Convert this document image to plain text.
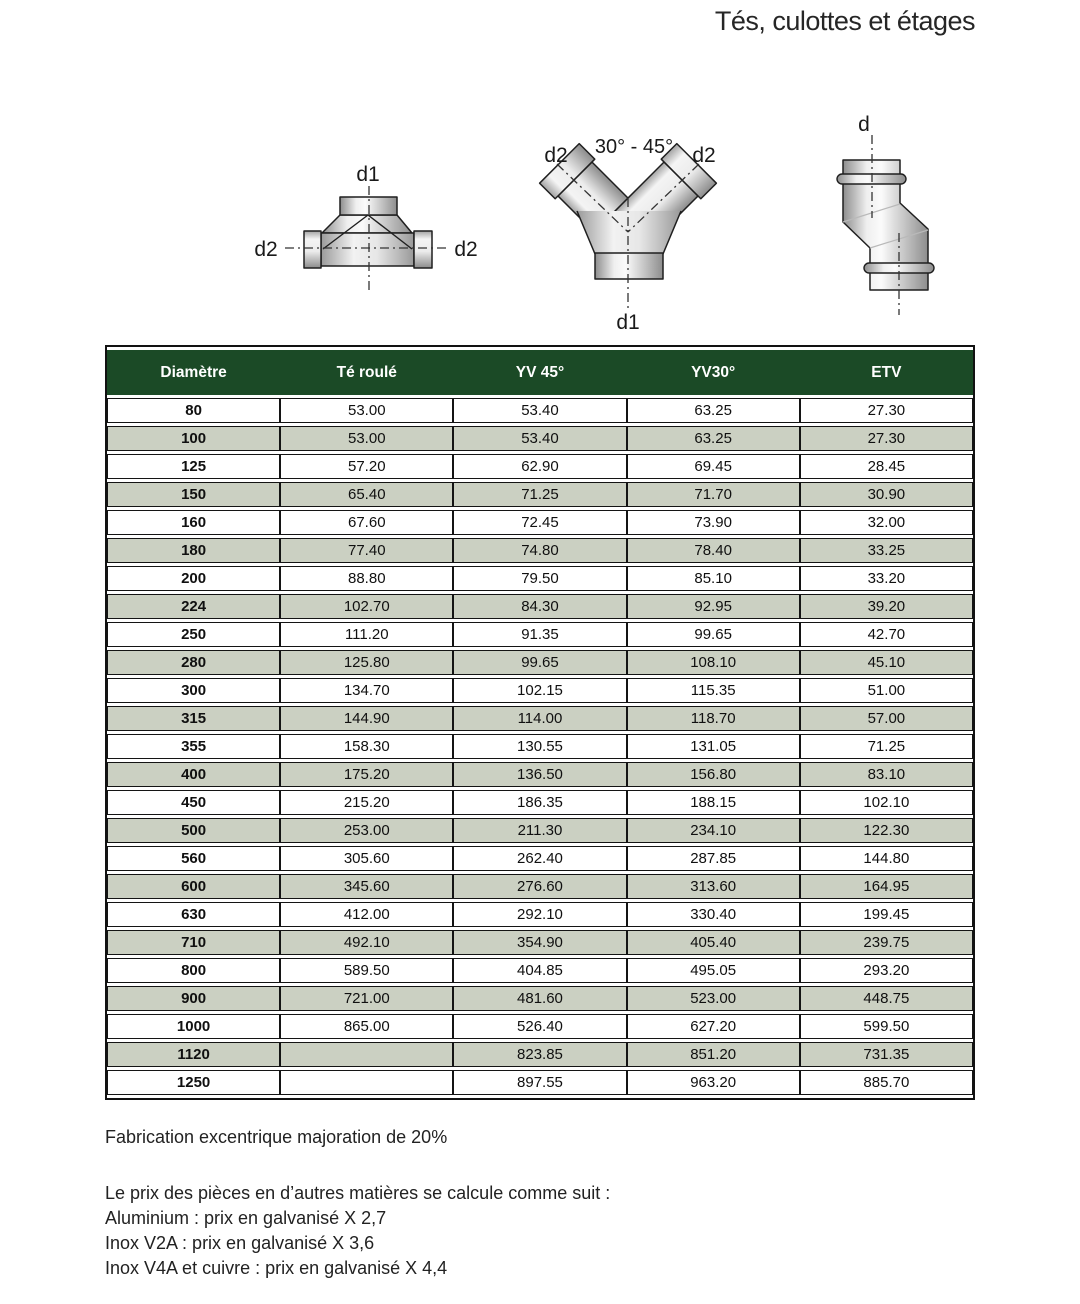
Tés, culottes et étages
d1
d2	d2
30° - 45°
d2	d2
d1
d
Diamètre	Té roulé	YV 45°	YV30°	ETV
80	53.00	53.40	63.25	27.30
100	53.00	53.40	63.25	27.30
125	57.20	62.90	69.45	28.45
150	65.40	71.25	71.70	30.90
160	67.60	72.45	73.90	32.00
180	77.40	74.80	78.40	33.25
200	88.80	79.50	85.10	33.20
224	102.70	84.30	92.95	39.20
250	111.20	91.35	99.65	42.70
280	125.80	99.65	108.10	45.10
300	134.70	102.15	115.35	51.00
315	144.90	114.00	118.70	57.00
355	158.30	130.55	131.05	71.25
400	175.20	136.50	156.80	83.10
450	215.20	186.35	188.15	102.10
500	253.00	211.30	234.10	122.30
560	305.60	262.40	287.85	144.80
600	345.60	276.60	313.60	164.95
630	412.00	292.10	330.40	199.45
710	492.10	354.90	405.40	239.75
800	589.50	404.85	495.05	293.20
900	721.00	481.60	523.00	448.75
1000	865.00	526.40	627.20	599.50
1120		823.85	851.20	731.35
1250		897.55	963.20	885.70
Fabrication excentrique majoration de 20%
Le prix des pièces en d’autres matières se calcule comme suit :
Aluminium : prix en galvanisé X 2,7
Inox V2A : prix en galvanisé X 3,6
Inox V4A et cuivre : prix en galvanisé X 4,4
